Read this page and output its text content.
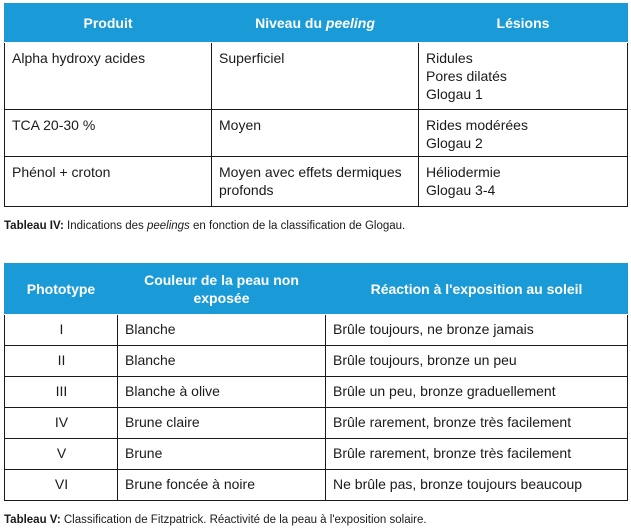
Produit	Niveau du peeling	Lésions
Alpha hydroxy acides	Superficiel	Ridules
Pores dilatés
Glogau 1

TCA 20-30 %	Moyen	Rides modérées
Glogau 2

Phénol + croton	Moyen avec effets dermiques profonds	Héliodermie
Glogau 3-4
Tableau IV: Indications des peelings en fonction de la classification de Glogau.
Phototype	Couleur de la peau non exposée	Réaction à l'exposition au soleil
I	Blanche	Brûle toujours, ne bronze jamais
II	Blanche	Brûle toujours, bronze un peu
III	Blanche à olive	Brûle un peu, bronze graduellement
IV	Brune claire	Brûle rarement, bronze très facilement
V	Brune	Brûle rarement, bronze très facilement
VI	Brune foncée à noire	Ne brûle pas, bronze toujours beaucoup
Tableau V: Classification de Fitzpatrick. Réactivité de la peau à l'exposition solaire.
